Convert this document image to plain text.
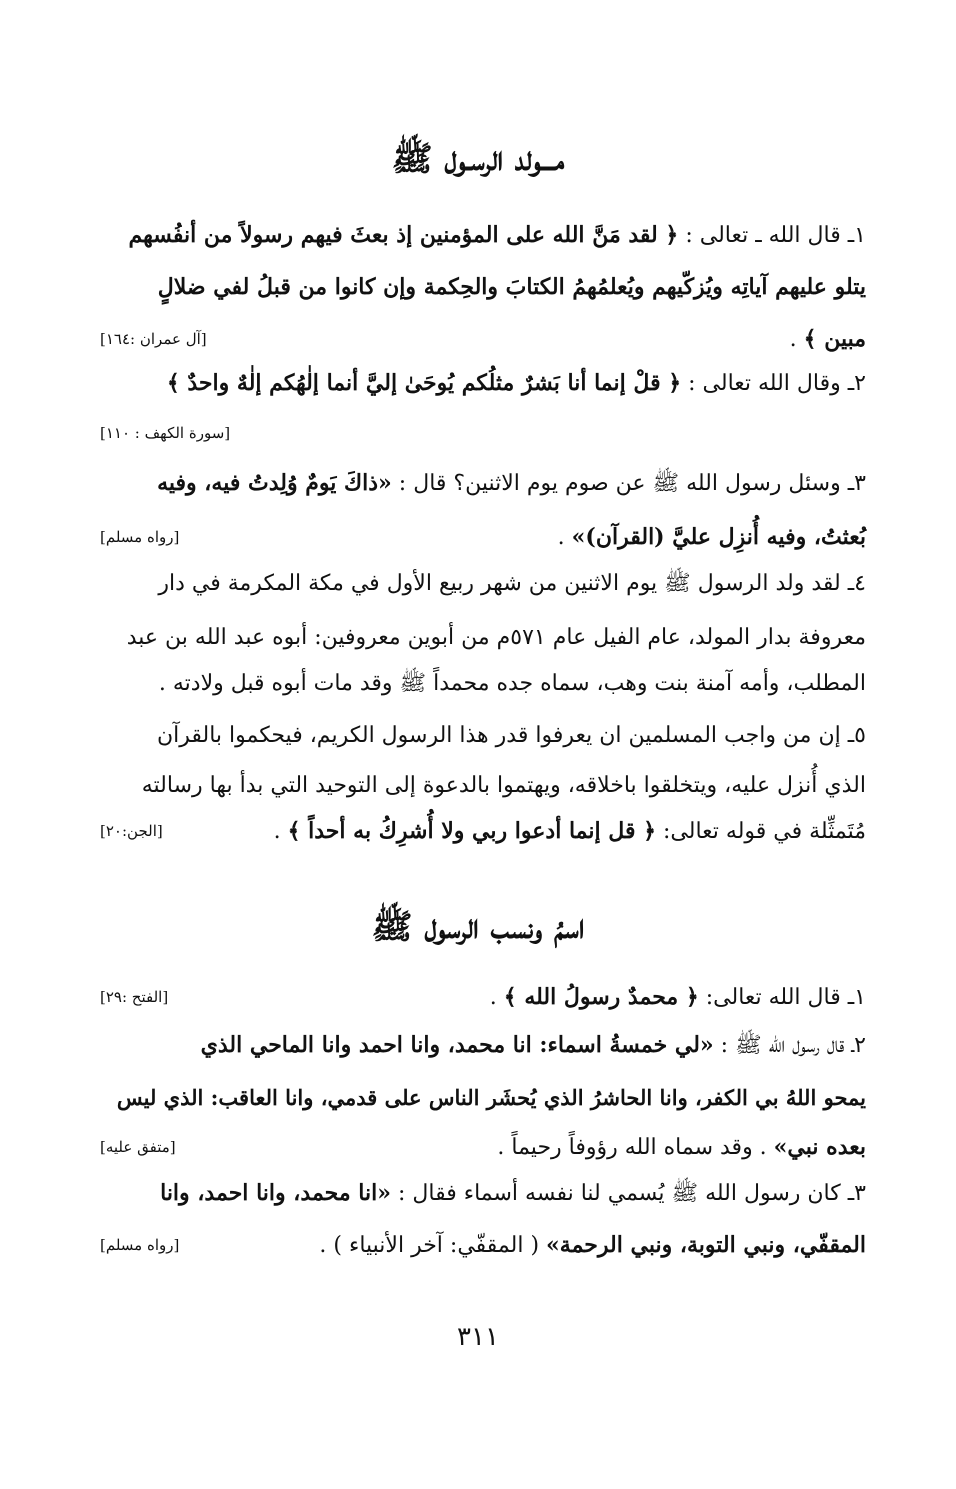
مـــولد الرسـول ﷺ
١ـ قال الله ـ تعالى : ﴿ لقد مَنَّ الله على المؤمنين إذ بعثَ فيهم رسولاً من أنفُسهم
يتلو عليهم آياتِه ويُزكّيهم ويُعلمُهمُ الكتابَ والحِكمة وإن كانوا من قبلُ لفي ضلالٍ
مبين ﴾ .
[آل عمران :١٦٤]
٢ـ وقال الله تعالى : ﴿ قلْ إنما أنا بَشرٌ مثلُكم يُوحَىٰ إليَّ أنما إلٰهُكم إلٰهٌ واحدٌ ﴾
[سورة الكهف : ١١٠]
٣ـ وسئل رسول الله ﷺ عن صوم يوم الاثنين؟ قال : «ذاكَ يَومٌ وُلِدتُ فيه، وفيه
بُعثتُ، وفيه أُنزِل عليَّ (القرآن)» .
[رواه مسلم]
٤ـ لقد ولد الرسول ﷺ يوم الاثنين من شهر ربيع الأول في مكة المكرمة في دار
معروفة بدار المولد، عام الفيل عام ٥٧١م من أبوين معروفين: أبوه عبد الله بن عبد
المطلب، وأمه آمنة بنت وهب، سماه جده محمداً ﷺ وقد مات أبوه قبل ولادته .
٥ـ إن من واجب المسلمين ان يعرفوا قدر هذا الرسول الكريم، فيحكموا بالقرآن
الذي أُنزل عليه، ويتخلقوا باخلاقه، ويهتموا بالدعوة إلى التوحيد التي بدأ بها رسالته
مُتَمثِّلة في قوله تعالى: ﴿ قل إنما أدعوا ربي ولا أُشرِكُ به أحداً ﴾ .
[الجن:٢٠]
اسمُ ونسب الرسول ﷺ
١ـ قال الله تعالى: ﴿ محمدٌ رسولُ الله ﴾ .
[الفتح :٢٩]
٢ـ قال رسول الله ﷺ : «لي خمسةُ اسماء: انا محمد، وانا احمد وانا الماحي الذي
يمحو اللهُ بي الكفر، وانا الحاشرُ الذي يُحشَر الناس على قدمي، وانا العاقب: الذي ليس
بعده نبي» . وقد سماه الله رؤوفاً رحيماً .
[متفق عليه]
٣ـ كان رسول الله ﷺ يُسمي لنا نفسه أسماء فقال : «انا محمد، وانا احمد، وانا
المقفّي، ونبي التوبة، ونبي الرحمة» ( المقفّي: آخر الأنبياء ) .
[رواه مسلم]
٣١١
